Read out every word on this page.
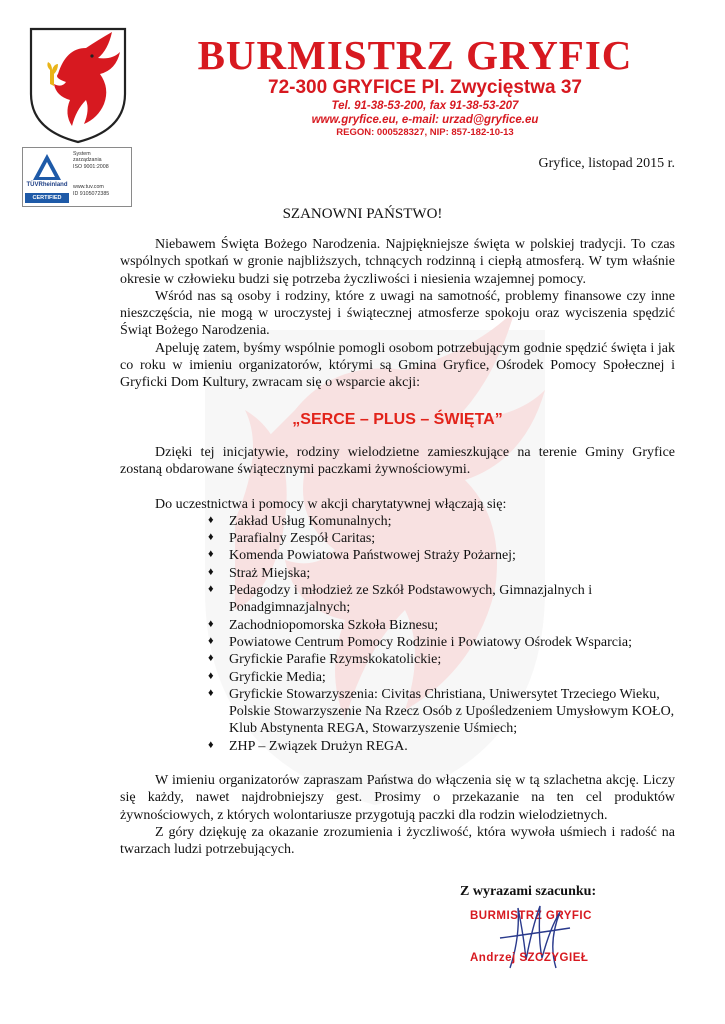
TÜVRheinland
CERTIFIED
System
zarządzania
ISO 9001:2008
www.tuv.com
ID 9105072385
BURMISTRZ GRYFIC
72-300 GRYFICE Pl. Zwycięstwa 37
Tel. 91-38-53-200, fax 91-38-53-207
www.gryfice.eu, e-mail: urzad@gryfice.eu
REGON: 000528327, NIP: 857-182-10-13
Gryfice, listopad 2015 r.
SZANOWNI PAŃSTWO!

Niebawem Święta Bożego Narodzenia. Najpiękniejsze święta w polskiej tradycji. To czas wspólnych spotkań w gronie najbliższych, tchnących rodzinną i ciepłą atmosferą. W tym właśnie okresie w człowieku budzi się potrzeba życzliwości i niesienia wzajemnej pomocy.

Wśród nas są osoby i rodziny, które z uwagi na samotność, problemy finansowe czy inne nieszczęścia, nie mogą w uroczystej i świątecznej atmosferze spokoju oraz wyciszenia spędzić Świąt Bożego Narodzenia.

Apeluję zatem, byśmy wspólnie pomogli osobom potrzebującym godnie spędzić święta i jak co roku w imieniu organizatorów, którymi są Gmina Gryfice, Ośrodek Pomocy Społecznej i Gryficki Dom Kultury, zwracam się o wsparcie akcji:

„SERCE – PLUS – ŚWIĘTA”

Dzięki tej inicjatywie, rodziny wielodzietne zamieszkujące na terenie Gminy Gryfice zostaną obdarowane świątecznymi paczkami żywnościowymi.

Do uczestnictwa i pomocy w akcji charytatywnej włączają się:

♦ Zakład Usług Komunalnych;
♦ Parafialny Zespół Caritas;
♦ Komenda Powiatowa Państwowej Straży Pożarnej;
♦ Straż Miejska;
♦ Pedagodzy i młodzież ze Szkół Podstawowych, Gimnazjalnych i Ponadgimnazjalnych;
♦ Zachodniopomorska Szkoła Biznesu;
♦ Powiatowe Centrum Pomocy Rodzinie i Powiatowy Ośrodek Wsparcia;
♦ Gryfickie Parafie Rzymskokatolickie;
♦ Gryfickie Media;
♦ Gryfickie Stowarzyszenia: Civitas Christiana, Uniwersytet Trzeciego Wieku, Polskie Stowarzyszenie Na Rzecz Osób z Upośledzeniem Umysłowym KOŁO, Klub Abstynenta REGA, Stowarzyszenie Uśmiech;
♦ ZHP – Związek Drużyn REGA.

W imieniu organizatorów zapraszam Państwa do włączenia się w tą szlachetna akcję. Liczy się każdy, nawet najdrobniejszy gest. Prosimy o przekazanie na ten cel produktów żywnościowych, z których wolontariusze przygotują paczki dla rodzin wielodzietnych.

Z góry dziękuję za okazanie zrozumienia i życzliwość, która wywoła uśmiech i radość na twarzach ludzi potrzebujących.

Z wyrazami szacunku:
BURMISTRZ GRYFIC
Andrzej SZCZYGIEŁ
